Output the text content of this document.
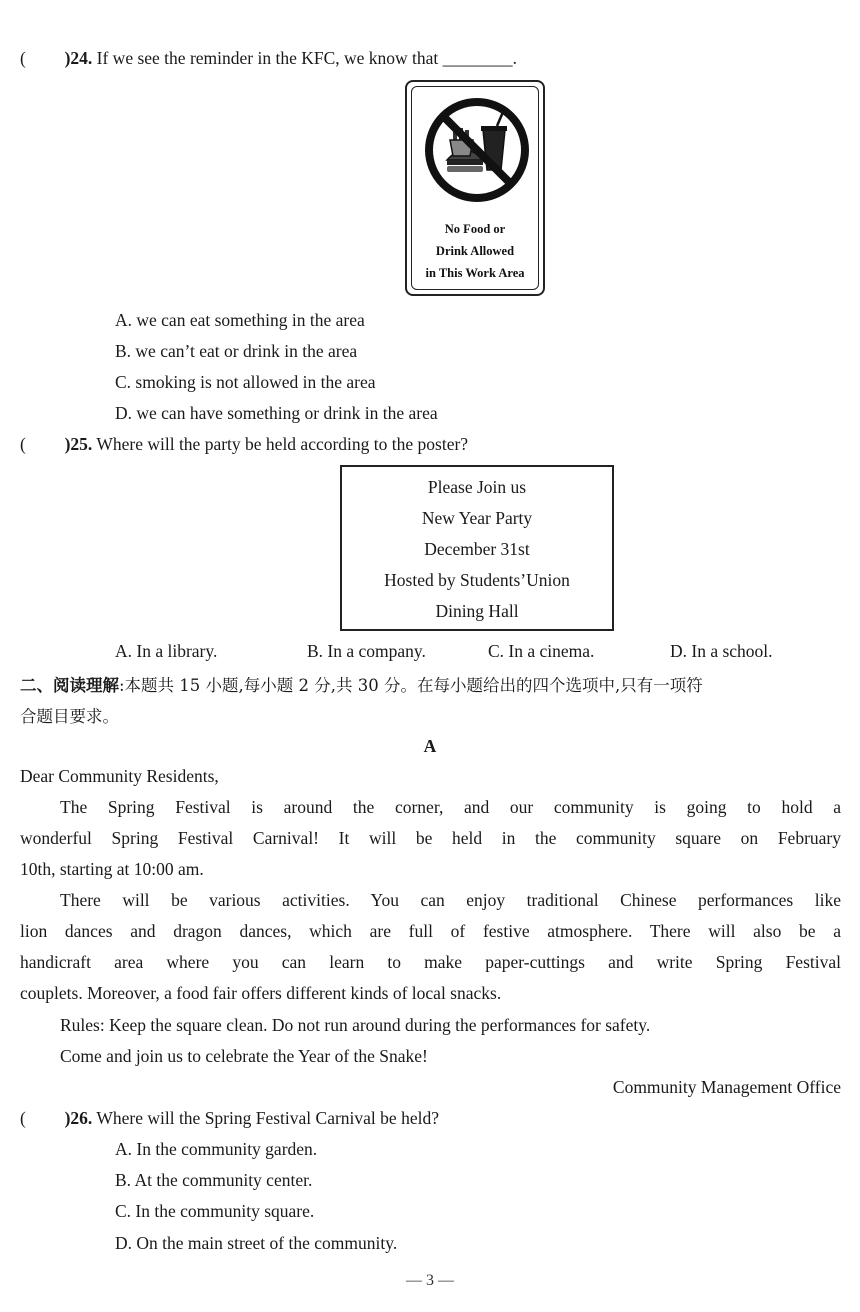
( )24. If we see the reminder in the KFC, we know that ________.
No Food or
Drink Allowed
in This Work Area
A. we can eat something in the area
B. we can’t eat or drink in the area
C. smoking is not allowed in the area
D. we can have something or drink in the area
( )25. Where will the party be held according to the poster?
Please Join us
New Year Party
December 31st
Hosted by Students’Union
Dining Hall
A. In a library.	B. In a company.	C. In a cinema.	D. In a school.
二、阅读理解:本题共 15 小题,每小题 2 分,共 30 分。在每小题给出的四个选项中,只有一项符
合题目要求。
A
Dear Community Residents,
The Spring Festival is around the corner, and our community is going to hold a
wonderful Spring Festival Carnival! It will be held in the community square on February
10th, starting at 10:00 am.
There will be various activities. You can enjoy traditional Chinese performances like
lion dances and dragon dances, which are full of festive atmosphere. There will also be a
handicraft area where you can learn to make paper-cuttings and write Spring Festival
couplets. Moreover, a food fair offers different kinds of local snacks.
Rules: Keep the square clean. Do not run around during the performances for safety.
Come and join us to celebrate the Year of the Snake!
Community Management Office
( )26. Where will the Spring Festival Carnival be held?
A. In the community garden.
B. At the community center.
C. In the community square.
D. On the main street of the community.
— 3 —
